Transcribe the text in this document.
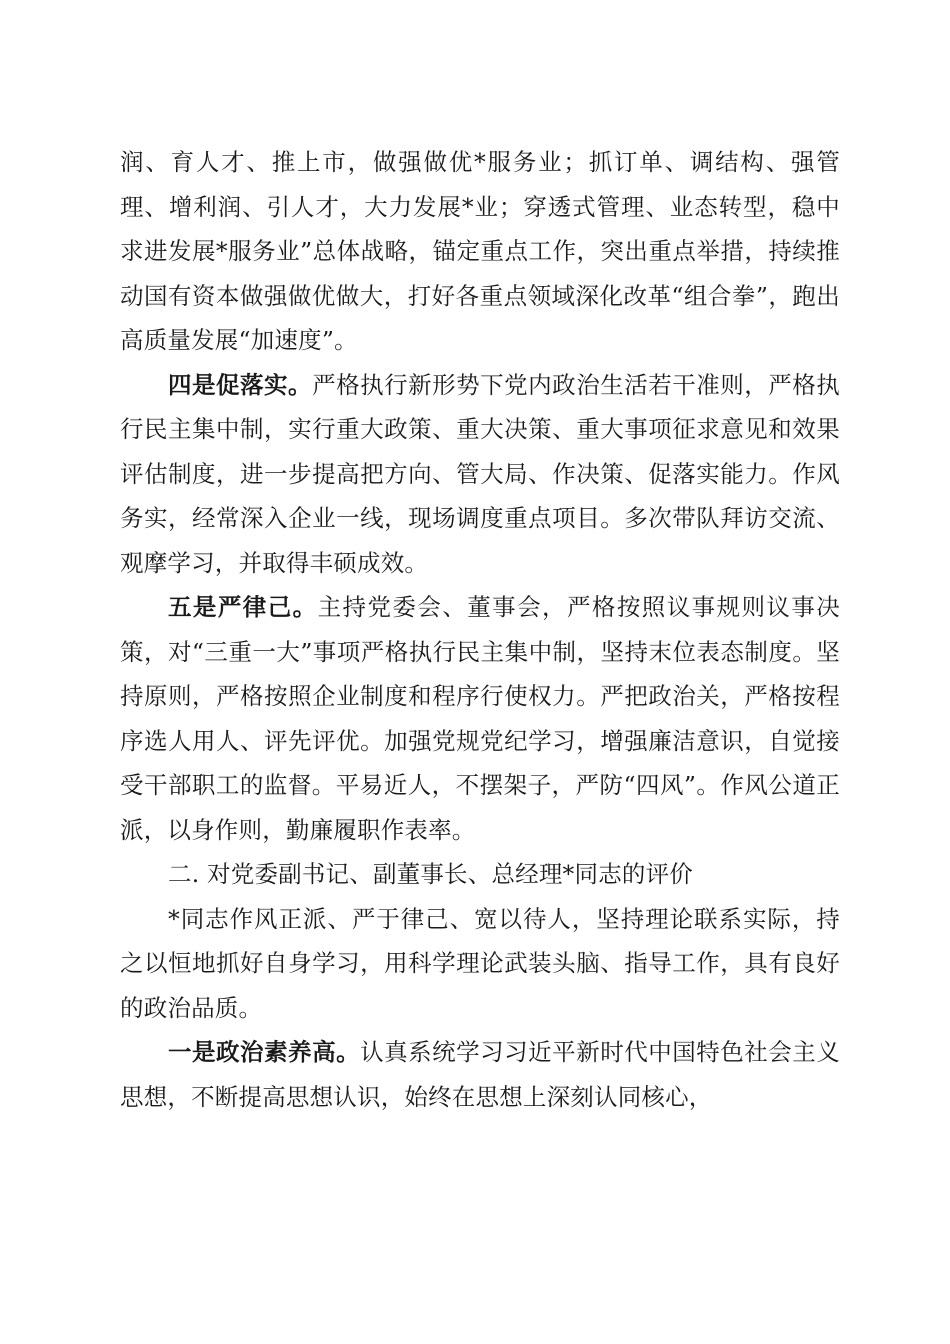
润、育人才、推上市，做强做优*服务业；抓订单、调结构、强管理、增利润、引人才，大力发展*业；穿透式管理、业态转型，稳中求进发展*服务业”总体战略，锚定重点工作，突出重点举措，持续推动国有资本做强做优做大，打好各重点领域深化改革“组合拳”，跑出高质量发展“加速度”。

四是促落实。严格执行新形势下党内政治生活若干准则，严格执行民主集中制，实行重大政策、重大决策、重大事项征求意见和效果评估制度，进一步提高把方向、管大局、作决策、促落实能力。作风务实，经常深入企业一线，现场调度重点项目。多次带队拜访交流、观摩学习，并取得丰硕成效。

五是严律己。主持党委会、董事会，严格按照议事规则议事决策，对“三重一大”事项严格执行民主集中制，坚持末位表态制度。坚持原则，严格按照企业制度和程序行使权力。严把政治关，严格按程序选人用人、评先评优。加强党规党纪学习，增强廉洁意识，自觉接受干部职工的监督。平易近人，不摆架子，严防“四风”。作风公道正派，以身作则，勤廉履职作表率。

二. 对党委副书记、副董事长、总经理*同志的评价

*同志作风正派、严于律己、宽以待人，坚持理论联系实际，持之以恒地抓好自身学习，用科学理论武装头脑、指导工作，具有良好的政治品质。

一是政治素养高。认真系统学习习近平新时代中国特色社会主义思想，不断提高思想认识，始终在思想上深刻认同核心，
